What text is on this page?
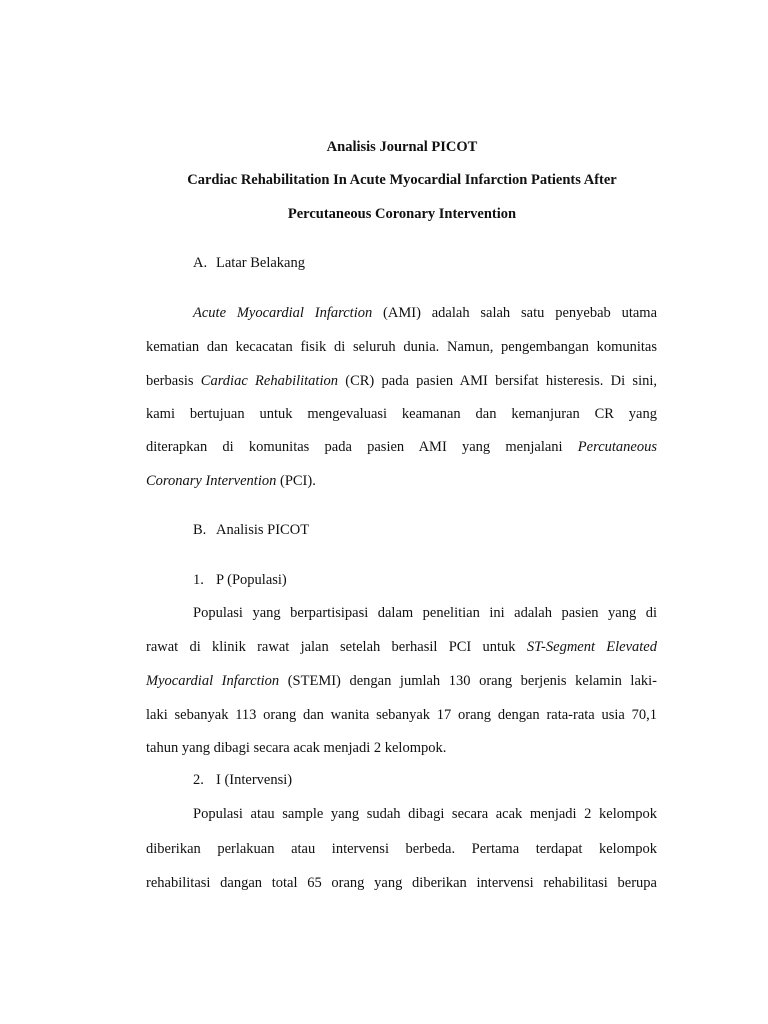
Analisis Journal PICOT
Cardiac Rehabilitation In Acute Myocardial Infarction Patients After
Percutaneous Coronary Intervention
A. Latar Belakang
Acute Myocardial Infarction (AMI) adalah salah satu penyebab utama
kematian dan kecacatan fisik di seluruh dunia. Namun, pengembangan komunitas
berbasis Cardiac Rehabilitation (CR) pada pasien AMI bersifat histeresis. Di sini,
kami bertujuan untuk mengevaluasi keamanan dan kemanjuran CR yang
diterapkan di komunitas pada pasien AMI yang menjalani Percutaneous
Coronary Intervention (PCI).
B. Analisis PICOT
1. P (Populasi)
Populasi yang berpartisipasi dalam penelitian ini adalah pasien yang di
rawat di klinik rawat jalan setelah berhasil PCI untuk ST-Segment Elevated
Myocardial Infarction (STEMI) dengan jumlah 130 orang berjenis kelamin laki-
laki sebanyak 113 orang dan wanita sebanyak 17 orang dengan rata-rata usia 70,1
tahun yang dibagi secara acak menjadi 2 kelompok.
2. I (Intervensi)
Populasi atau sample yang sudah dibagi secara acak menjadi 2 kelompok
diberikan perlakuan atau intervensi berbeda. Pertama terdapat kelompok
rehabilitasi dangan total 65 orang yang diberikan intervensi rehabilitasi berupa
